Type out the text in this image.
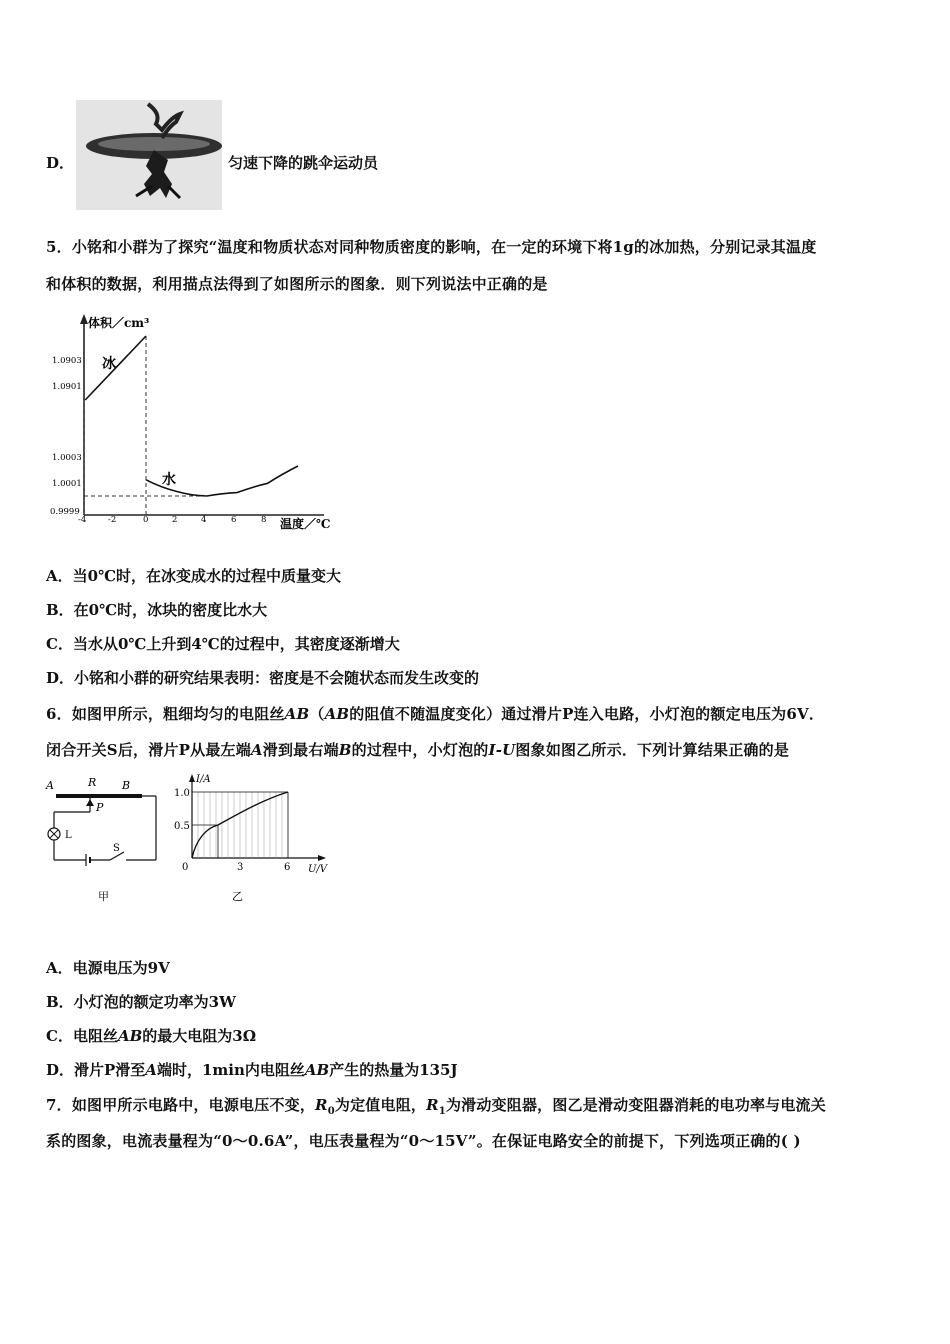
D．	匀速下降的跳伞运动员
5．小铭和小群为了探究“温度和物质状态对同种物质密度的影响，在一定的环境下将1g的冰加热，分别记录其温度
和体积的数据，利用描点法得到了如图所示的图象．则下列说法中正确的是
体积／cm³
温度／℃
1.0903
1.0901
1.0003
1.0001
0.9999
-4	-2	0	2	4	6	8
冰
水
A．当0℃时，在冰变成水的过程中质量变大
B．在0℃时，冰块的密度比水大
C．当水从0℃上升到4℃的过程中，其密度逐渐增大
D．小铭和小群的研究结果表明：密度是不会随状态而发生改变的
6．如图甲所示，粗细均匀的电阻丝AB（AB的阻值不随温度变化）通过滑片P连入电路，小灯泡的额定电压为6V．
闭合开关S后，滑片P从最左端A滑到最右端B的过程中，小灯泡的I-U图象如图乙所示．下列计算结果正确的是
A	R B
P
L
S
甲
I/A
U/V
1.0
0.5
0	3	6
乙
A．电源电压为9V
B．小灯泡的额定功率为3W
C．电阻丝AB的最大电阻为3Ω
D．滑片P滑至A端时，1min内电阻丝AB产生的热量为135J
7．如图甲所示电路中，电源电压不变，$R_0$为定值电阻，$R_1$为滑动变阻器，图乙是滑动变阻器消耗的电功率与电流关
系的图象，电流表量程为“0～0.6A”，电压表量程为“0～15V”。在保证电路安全的前提下，下列选项正确的( )
